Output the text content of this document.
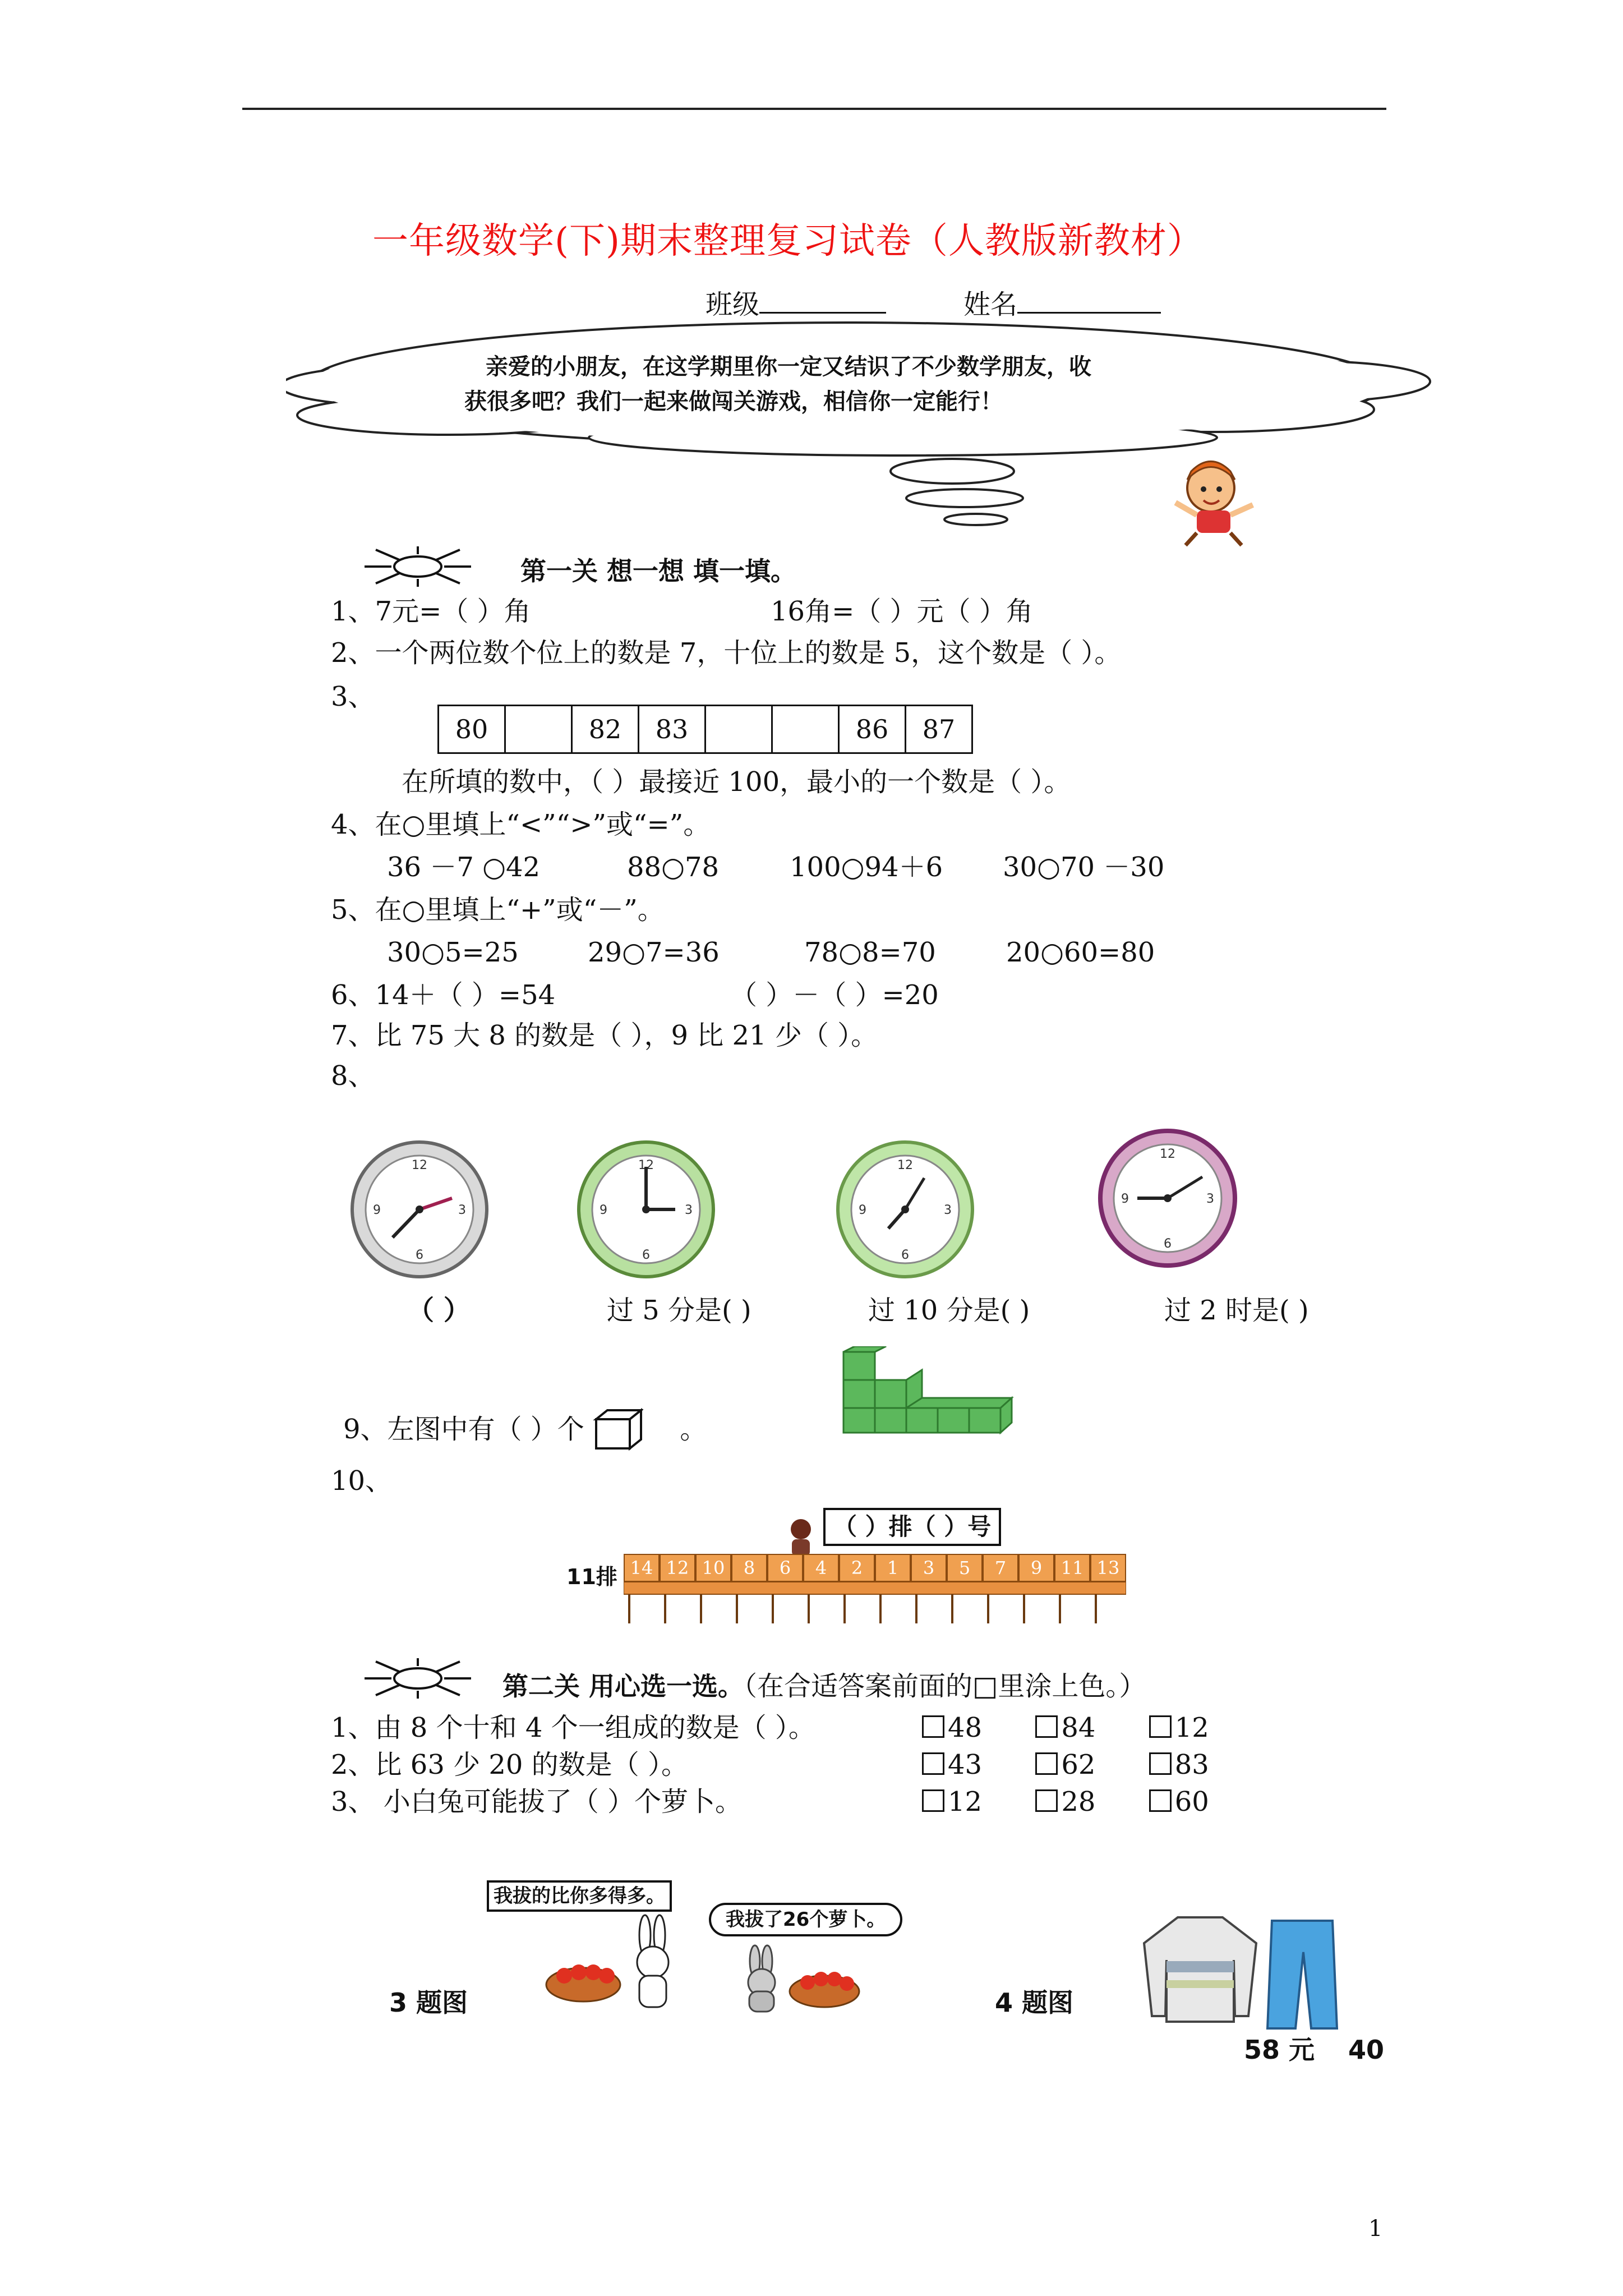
一年级数学(下)期末整理复习试卷（人教版新教材）
班级	姓名
亲爱的小朋友，在这学期里你一定又结识了不少数学朋友，收
获很多吧？我们一起来做闯关游戏，相信你一定能行！
第一关 想一想 填一填。
1、7元=（ ）角	16角=（ ）元（ ）角
2、一个两位数个位上的数是 7，十位上的数是 5，这个数是（ ）。
3、
80		82	83			86	87
在所填的数中，（ ）最接近 100，最小的一个数是（ ）。
4、在○里填上“<”“>”或“=”。
36 －7 ○42	88○78	100○94＋6 30○70 －30
5、在○里填上“+”或“－”。
30○5=25	29○7=36	78○8=70	20○60=80
6、14＋（ ）=54	（ ）－（ ）=20
7、比 75 大 8 的数是（ ），9 比 21 少（ ）。
8、
12
3
6
9
12
3
6
9
12
3
6
9
12
3
6
9
（ ）	过 5 分是( )	过 10 分是( )	过 2 时是( )
9、左图中有（ ）个	。
10、
（ ）排（ ）号
11排 14 12 10	8	6	4	2	1	3	5	7	9	11 13
第二关 用心选一选。（在合适答案前面的□里涂上色。）
1、由 8 个十和 4 个一组成的数是（ ）。	48	84	12
2、比 63 少 20 的数是（ ）。	43	62	83
3、 小白兔可能拔了（ ）个萝卜。	12	28	60
我拔的比你多得多。
我拔了26个萝卜。
3 题图	4 题图
58 元 40
1
